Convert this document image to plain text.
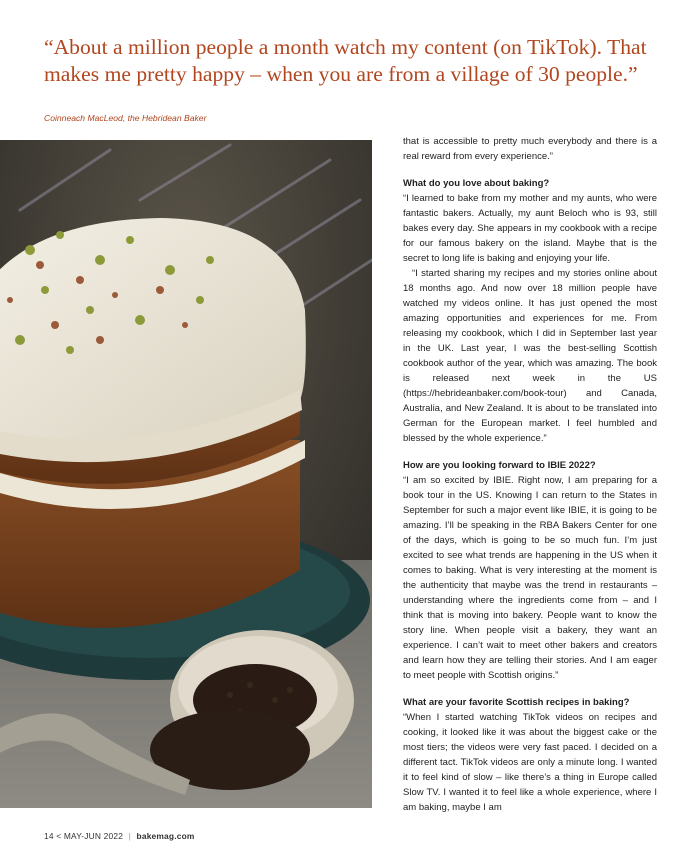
“About a million people a month watch my content (on TikTok). That makes me pretty happy – when you are from a village of 30 people.”

Coinneach MacLeod, the Hebridean Baker

that is accessible to pretty much everybody and there is a real reward from every experience.”

What do you love about baking?

“I learned to bake from my mother and my aunts, who were fantastic bakers. Actually, my aunt Beloch who is 93, still bakes every day. She appears in my cookbook with a recipe for our famous bakery on the island. Maybe that is the secret to long life is baking and enjoying your life.

“I started sharing my recipes and my stories online about 18 months ago. And now over 18 million people have watched my videos online. It has just opened the most amazing opportunities and experiences for me. From releasing my cookbook, which I did in September last year in the UK. Last year, I was the best-selling Scottish cookbook author of the year, which was amazing. The book is released next week in the US (https://hebrideanbaker.com/book-tour) and Canada, Australia, and New Zealand. It is about to be translated into German for the European market. I feel humbled and blessed by the whole experience.”

How are you looking forward to IBIE 2022?

“I am so excited by IBIE. Right now, I am preparing for a book tour in the US. Knowing I can return to the States in September for such a major event like IBIE, it is going to be amazing. I’ll be speaking in the RBA Bakers Center for one of the days, which is going to be so much fun. I’m just excited to see what trends are happening in the US when it comes to baking. What is very interesting at the moment is the authenticity that maybe was the trend in restaurants – understanding where the ingredients come from – and I think that is moving into bakery. People want to know the story line. When people visit a bakery, they want an experience. I can’t wait to meet other bakers and creators and learn how they are telling their stories. And I am eager to meet people with Scottish origins.”

What are your favorite Scottish recipes in baking?

“When I started watching TikTok videos on recipes and cooking, it looked like it was about the biggest cake or the most tiers; the videos were very fast paced. I decided on a different tact. TikTok videos are only a minute long. I wanted it to feel kind of slow – like there’s a thing in Europe called Slow TV. I wanted it to feel like a whole experience, where I am baking, maybe I am

14 < MAY-JUN 2022 | bakemag.com
